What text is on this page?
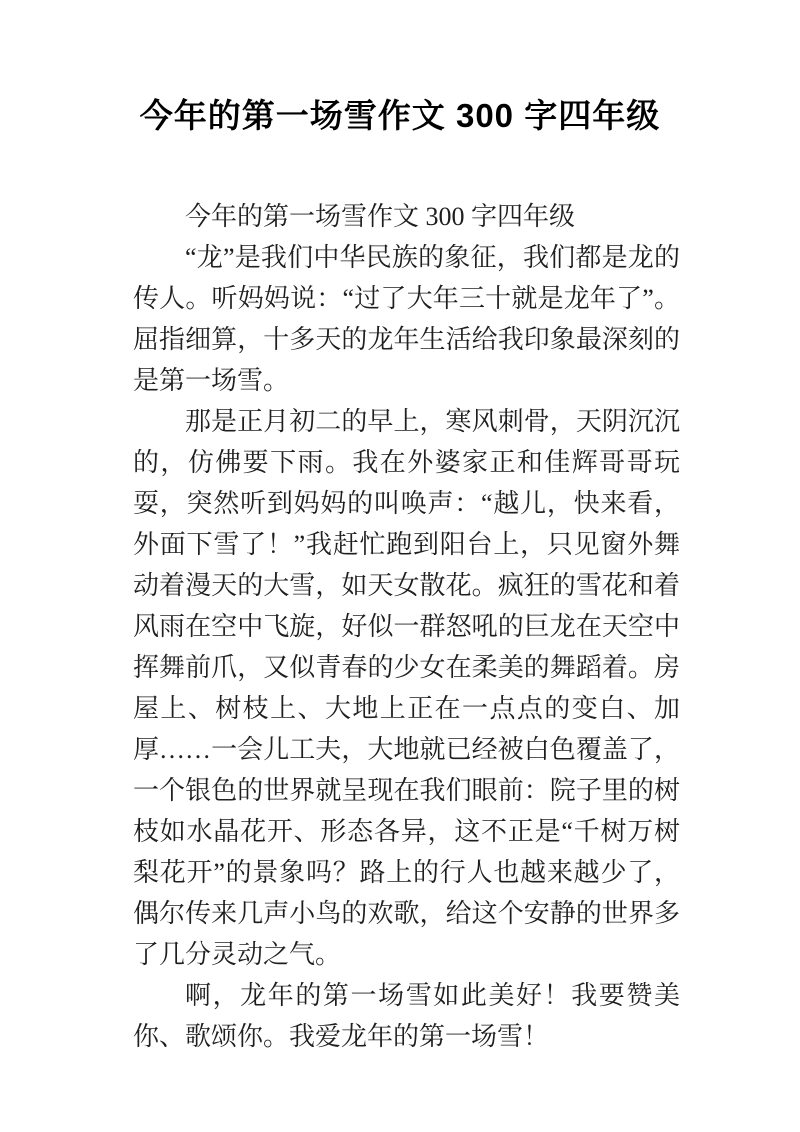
今年的第一场雪作文 300 字四年级

今年的第一场雪作文 300 字四年级

“龙”是我们中华民族的象征，我们都是龙的传人。听妈妈说：“过了大年三十就是龙年了”。屈指细算，十多天的龙年生活给我印象最深刻的是第一场雪。

那是正月初二的早上，寒风刺骨，天阴沉沉的，仿佛要下雨。我在外婆家正和佳辉哥哥玩耍，突然听到妈妈的叫唤声：“越儿，快来看，外面下雪了！”我赶忙跑到阳台上，只见窗外舞动着漫天的大雪，如天女散花。疯狂的雪花和着风雨在空中飞旋，好似一群怒吼的巨龙在天空中挥舞前爪，又似青春的少女在柔美的舞蹈着。房屋上、树枝上、大地上正在一点点的变白、加厚……一会儿工夫，大地就已经被白色覆盖了，一个银色的世界就呈现在我们眼前：院子里的树枝如水晶花开、形态各异，这不正是“千树万树梨花开”的景象吗？路上的行人也越来越少了，偶尔传来几声小鸟的欢歌，给这个安静的世界多了几分灵动之气。

啊，龙年的第一场雪如此美好！我要赞美你、歌颂你。我爱龙年的第一场雪！
